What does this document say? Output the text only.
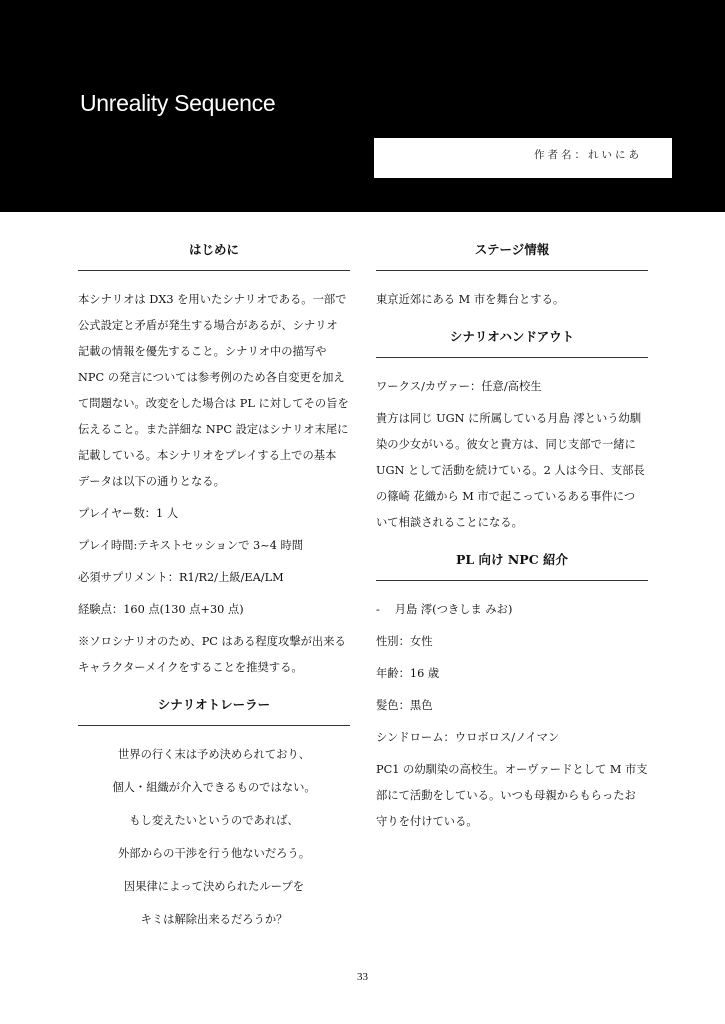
Unreality Sequence
作者名：れいにあ
はじめに

本シナリオは DX3 を用いたシナリオである。一部で

公式設定と矛盾が発生する場合があるが、シナリオ

記載の情報を優先すること。シナリオ中の描写や

NPC の発言については参考例のため各自変更を加え

て問題ない。改変をした場合は PL に対してその旨を

伝えること。また詳細な NPC 設定はシナリオ末尾に

記載している。本シナリオをプレイする上での基本

データは以下の通りとなる。

プレイヤー数：1 人

プレイ時間:テキストセッションで 3~4 時間

必須サプリメント：R1/R2/上級/EA/LM

経験点：160 点(130 点+30 点)

※ソロシナリオのため、PC はある程度攻撃が出来る

キャラクターメイクをすることを推奨する。

シナリオトレーラー

世界の行く末は予め決められており、

個人・組織が介入できるものではない。

もし変えたいというのであれば、

外部からの干渉を行う他ないだろう。

因果律によって決められたループを

キミは解除出来るだろうか？

ステージ情報

東京近郊にある M 市を舞台とする。

シナリオハンドアウト

ワークス/カヴァー：任意/高校生

貴方は同じ UGN に所属している月島 澪という幼馴

染の少女がいる。彼女と貴方は、同じ支部で一緒に

UGN として活動を続けている。2 人は今日、支部長

の篠崎 花織から M 市で起こっているある事件につ

いて相談されることになる。

PL 向け NPC 紹介

-　 月島 澪(つきしま みお)

性別：女性

年齢：16 歳

髪色：黒色

シンドローム：ウロボロス/ノイマン

PC1 の幼馴染の高校生。オーヴァードとして M 市支

部にて活動をしている。いつも母親からもらったお

守りを付けている。

33
